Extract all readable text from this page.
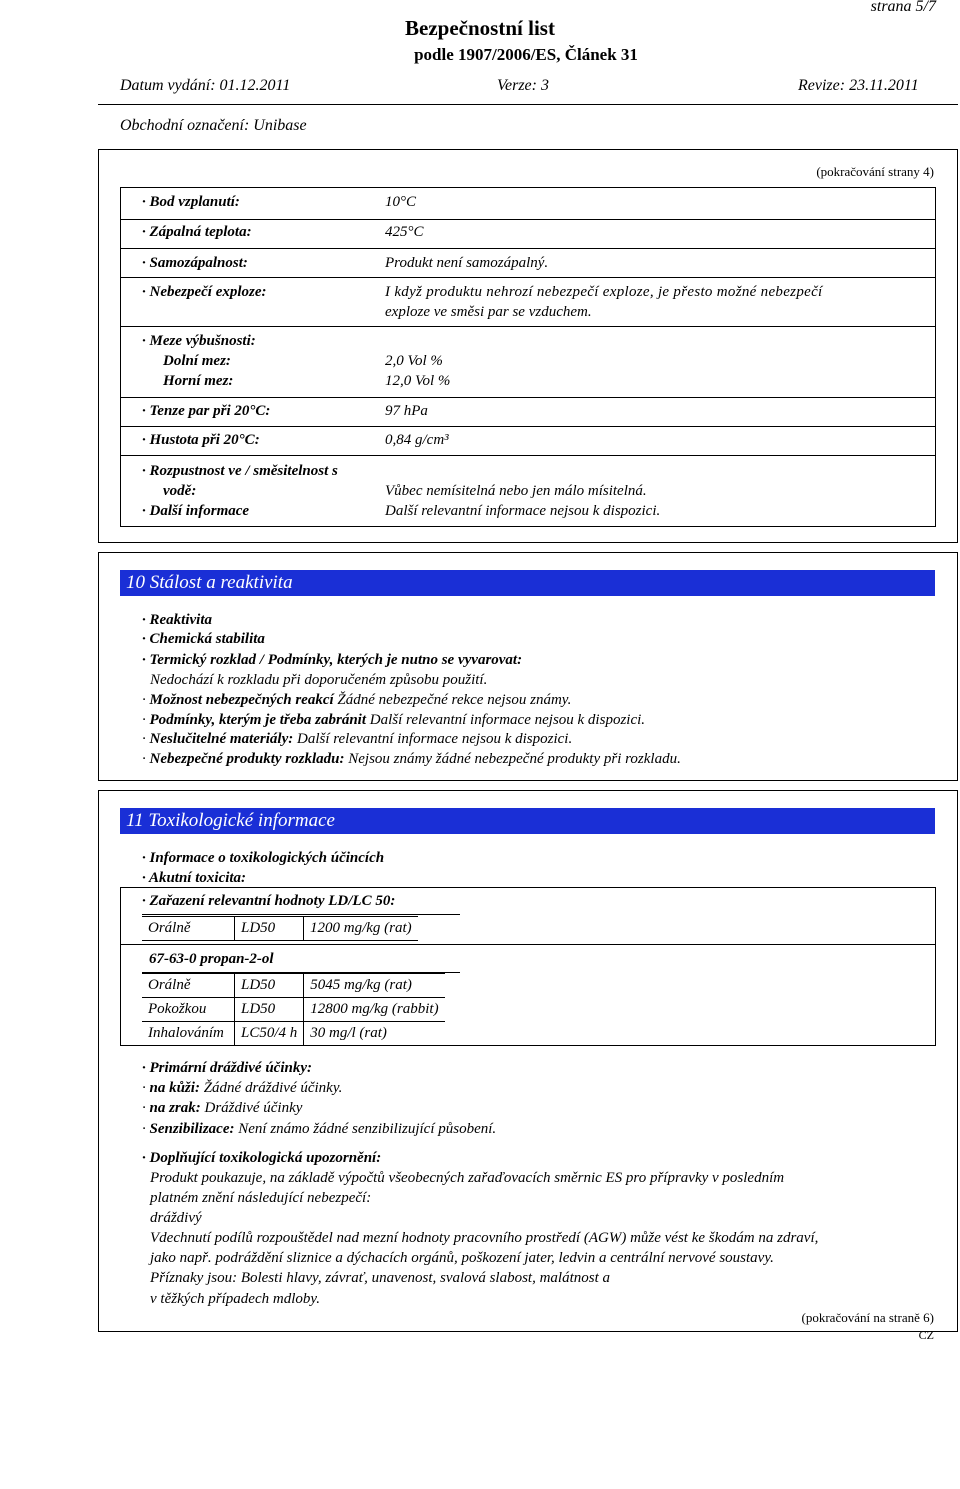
strana 5/7
Bezpečnostní list
podle 1907/2006/ES, Článek 31
Datum vydání: 01.12.2011	Verze: 3	Revize: 23.11.2011
Obchodní označení: Unibase
(pokračování strany 4)
· Bod vzplanutí:	10°C
· Zápalná teplota:	425°C
· Samozápalnost:	Produkt není samozápalný.
· Nebezpečí exploze:	I když produktu nehrozí nebezpečí exploze, je přesto možné nebezpečí
exploze ve směsi par se vzduchem.
· Meze výbušnosti:
Dolní mez:	2,0 Vol %
Horní mez:	12,0 Vol %
· Tenze par při 20°C:	97 hPa
· Hustota při 20°C:	0,84 g/cm³
· Rozpustnost ve / směsitelnost s
vodě:	Vůbec nemísitelná nebo jen málo mísitelná.
· Další informace	Další relevantní informace nejsou k dispozici.
10 Stálost a reaktivita
· Reaktivita
· Chemická stabilita
· Termický rozklad / Podmínky, kterých je nutno se vyvarovat:
Nedochází k rozkladu při doporučeném způsobu použití.
· Možnost nebezpečných reakcí Žádné nebezpečné rekce nejsou známy.
· Podmínky, kterým je třeba zabránit Další relevantní informace nejsou k dispozici.
· Neslučitelné materiály: Další relevantní informace nejsou k dispozici.
· Nebezpečné produkty rozkladu: Nejsou známy žádné nebezpečné produkty při rozkladu.
11 Toxikologické informace
· Informace o toxikologických účincích
· Akutní toxicita:
· Zařazení relevantní hodnoty LD/LC 50:
Orálně	LD50	1200 mg/kg (rat)
67-63-0 propan-2-ol
Orálně	LD50	5045 mg/kg (rat)
Pokožkou	LD50	12800 mg/kg (rabbit)
Inhalováním	LC50/4 h	30 mg/l (rat)
· Primární dráždivé účinky:
· na kůži: Žádné dráždivé účinky.
· na zrak: Dráždivé účinky
· Senzibilizace: Není známo žádné senzibilizující působení.
· Doplňující toxikologická upozornění:
Produkt poukazuje, na základě výpočtů všeobecných zařaďovacích směrnic ES pro přípravky v posledním
platném znění následující nebezpečí:
dráždivý
Vdechnutí podílů rozpouštědel nad mezní hodnoty pracovního prostředí (AGW) může vést ke škodám na zdraví,
jako např. podráždění sliznice a dýchacích orgánů, poškození jater, ledvin a centrální nervové soustavy.
Příznaky jsou: Bolesti hlavy, závrať, unavenost, svalová slabost, malátnost a
v těžkých případech mdloby.
(pokračování na straně 6)
CZ
